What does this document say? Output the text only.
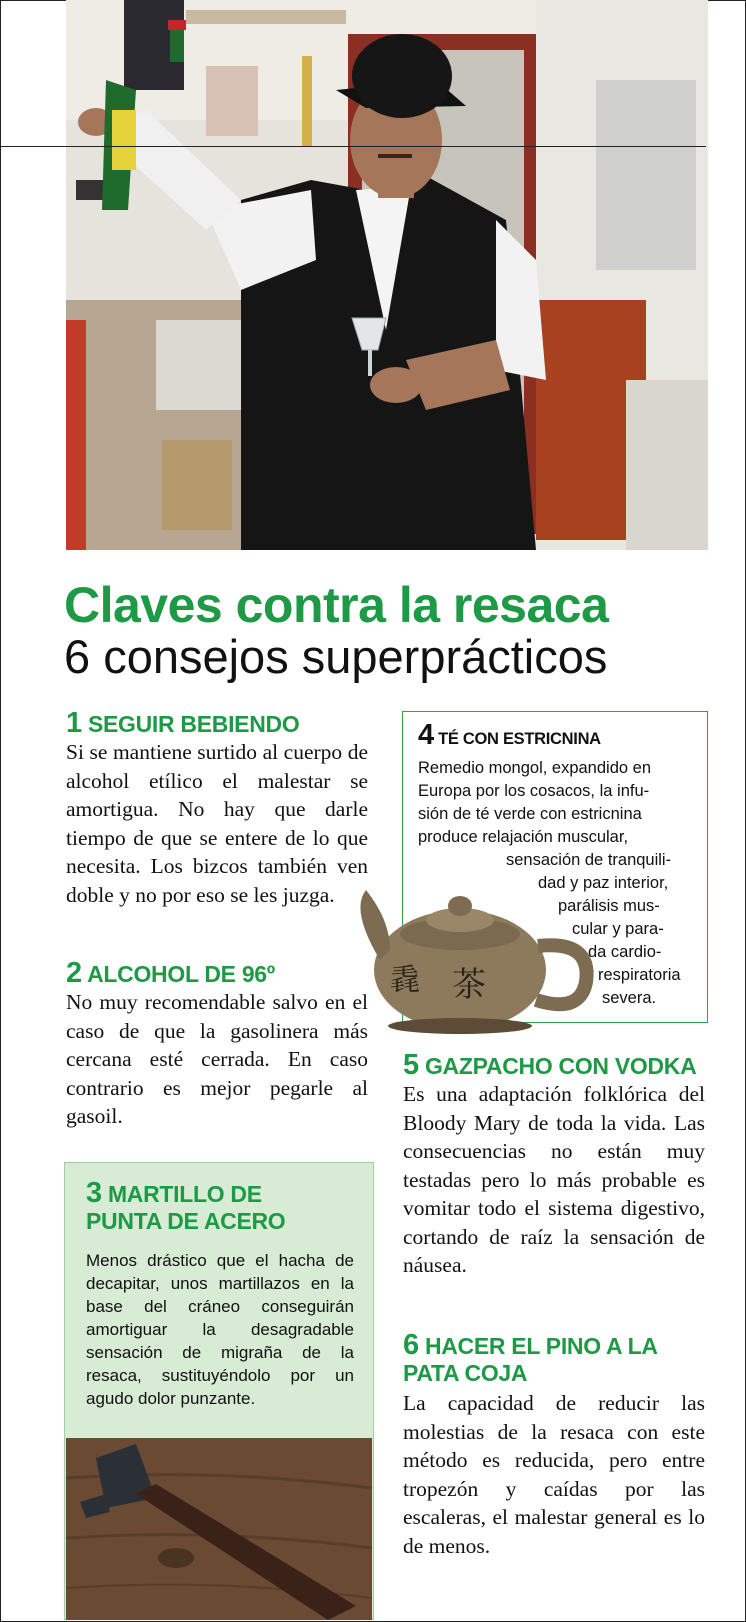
Claves contra la resaca

6 consejos superprácticos

1 SEGUIR BEBIENDO

Si se mantiene surtido al cuerpo de alcohol etílico el malestar se amortigua. No hay que darle tiempo de que se entere de lo que necesita. Los bizcos también ven doble y no por eso se les juzga.

2 ALCOHOL DE 96º

No muy recomendable salvo en el caso de que la gasolinera más cercana esté cerrada. En caso contrario es mejor pegarle al gasoil.

3 MARTILLO DE
PUNTA DE ACERO

Menos drástico que el hacha de decapitar, unos martillazos en la base del cráneo conseguirán amortiguar la desagradable sensación de migraña de la resaca, sustituyéndolo por un agudo dolor punzante.

4 TÉ CON ESTRICNINA

Remedio mongol, expandido en

Europa por los cosacos, la infu-

sión de té verde con estricnina

produce relajación muscular,

sensación de tranquili-

dad y paz interior,

parálisis mus-

cular y para-

da cardio-

respiratoria

severa.

毳 茶

5 GAZPACHO CON VODKA

Es una adaptación folklórica del Bloody Mary de toda la vida. Las consecuencias no están muy testadas pero lo más probable es vomitar todo el sistema digestivo, cortando de raíz la sensación de náusea.

6 HACER EL PINO A LA
PATA COJA

La capacidad de reducir las molestias de la resaca con este método es reducida, pero entre tropezón y caídas por las escaleras, el malestar general es lo de menos.
